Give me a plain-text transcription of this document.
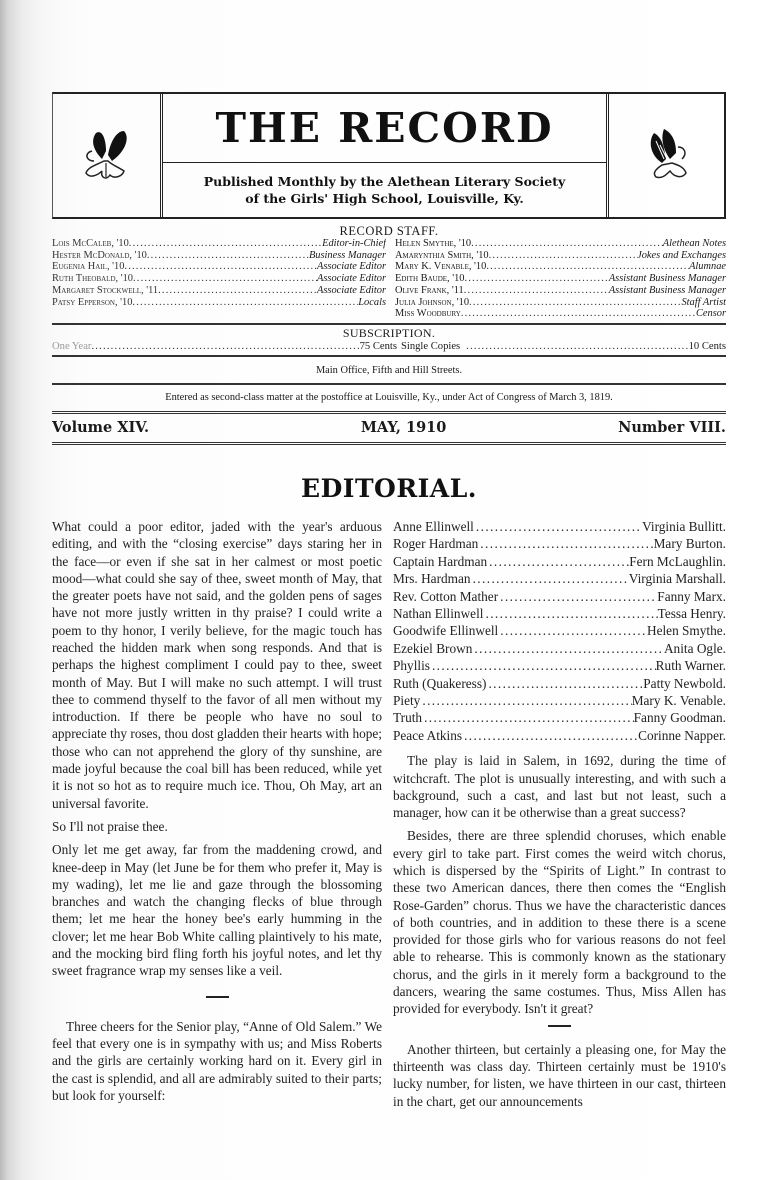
THE RECORD
Published Monthly by the Alethean Literary Society
of the Girls' High School, Louisville, Ky.
RECORD STAFF.
Lois McCaleb, '10 .....	Editor-in-Chief
Hester McDonald, '10 .....	Business Manager
Eugenia Hail, '10 .....	Associate Editor
Ruth Theobald, '10 .....	Associate Editor
Margaret Stockwell, '11 .....	Associate Editor
Patsy Epperson, '10 .....	Locals
Helen Smythe, '10 .....	Alethean Notes
Amarynthia Smith, '10 .....	Jokes and Exchanges
Mary K. Venable, '10 .....	Alumnae
Edith Baude, '10 .....	Assistant Business Manager
Olive Frank, '11 .....	Assistant Business Manager
Julia Johnson, '10 .....	Staff Artist
Miss Woodbury .....	Censor
SUBSCRIPTION.
One Year .....	75 Cents Single Copies .....	10 Cents
Main Office, Fifth and Hill Streets.
Entered as second-class matter at the postoffice at Louisville, Ky., under Act of Congress of March 3, 1819.
Volume XIV.	MAY, 1910	Number VIII.
EDITORIAL.

What could a poor editor, jaded with the year's arduous editing, and with the “closing exercise” days staring her in the face—or even if she sat in her calmest or most poetic mood—what could she say of thee, sweet month of May, that the greater poets have not said, and the golden pens of sages have not more justly written in thy praise? I could write a poem to thy honor, I verily believe, for the magic touch has reached the hidden mark when song responds. And that is perhaps the highest compliment I could pay to thee, sweet month of May. But I will make no such attempt. I will trust thee to commend thyself to the favor of all men without my introduction. If there be people who have no soul to appreciate thy roses, thou dost gladden their hearts with hope; those who can not apprehend the glory of thy sunshine, are made joyful because the coal bill has been reduced, while yet it is not so hot as to require much ice. Thou, Oh May, art an universal favorite.

So I'll not praise thee.

Only let me get away, far from the maddening crowd, and knee-deep in May (let June be for them who prefer it, May is my wading), let me lie and gaze through the blossoming branches and watch the changing flecks of blue through them; let me hear the honey bee's early humming in the clover; let me hear Bob White calling plaintively to his mate, and the mocking bird fling forth his joyful notes, and let thy sweet fragrance wrap my senses like a veil.

Three cheers for the Senior play, “Anne of Old Salem.” We feel that every one is in sympathy with us; and Miss Roberts and the girls are certainly working hard on it. Every girl in the cast is splendid, and all are admirably suited to their parts; but look for yourself:

Anne Ellinwell .....	Virginia Bullitt.
Roger Hardman .....	Mary Burton.
Captain Hardman .....	Fern McLaughlin.
Mrs. Hardman .....	Virginia Marshall.
Rev. Cotton Mather .....	Fanny Marx.
Nathan Ellinwell .....	Tessa Henry.
Goodwife Ellinwell .....	Helen Smythe.
Ezekiel Brown .....	Anita Ogle.
Phyllis .....	Ruth Warner.
Ruth (Quakeress) .....	Patty Newbold.
Piety .....	Mary K. Venable.
Truth .....	Fanny Goodman.
Peace Atkins .....	Corinne Napper.

The play is laid in Salem, in 1692, during the time of witchcraft. The plot is unusually interesting, and with such a background, such a cast, and last but not least, such a manager, how can it be otherwise than a great success?

Besides, there are three splendid choruses, which enable every girl to take part. First comes the weird witch chorus, which is dispersed by the “Spirits of Light.” In contrast to these two American dances, there then comes the “English Rose-Garden” chorus. Thus we have the characteristic dances of both countries, and in addition to these there is a scene provided for those girls who for various reasons do not feel able to rehearse. This is commonly known as the stationary chorus, and the girls in it merely form a background to the dancers, wearing the same costumes. Thus, Miss Allen has provided for everybody. Isn't it great?

Another thirteen, but certainly a pleasing one, for May the thirteenth was class day. Thirteen certainly must be 1910's lucky number, for listen, we have thirteen in our cast, thirteen in the chart, get our announcements
